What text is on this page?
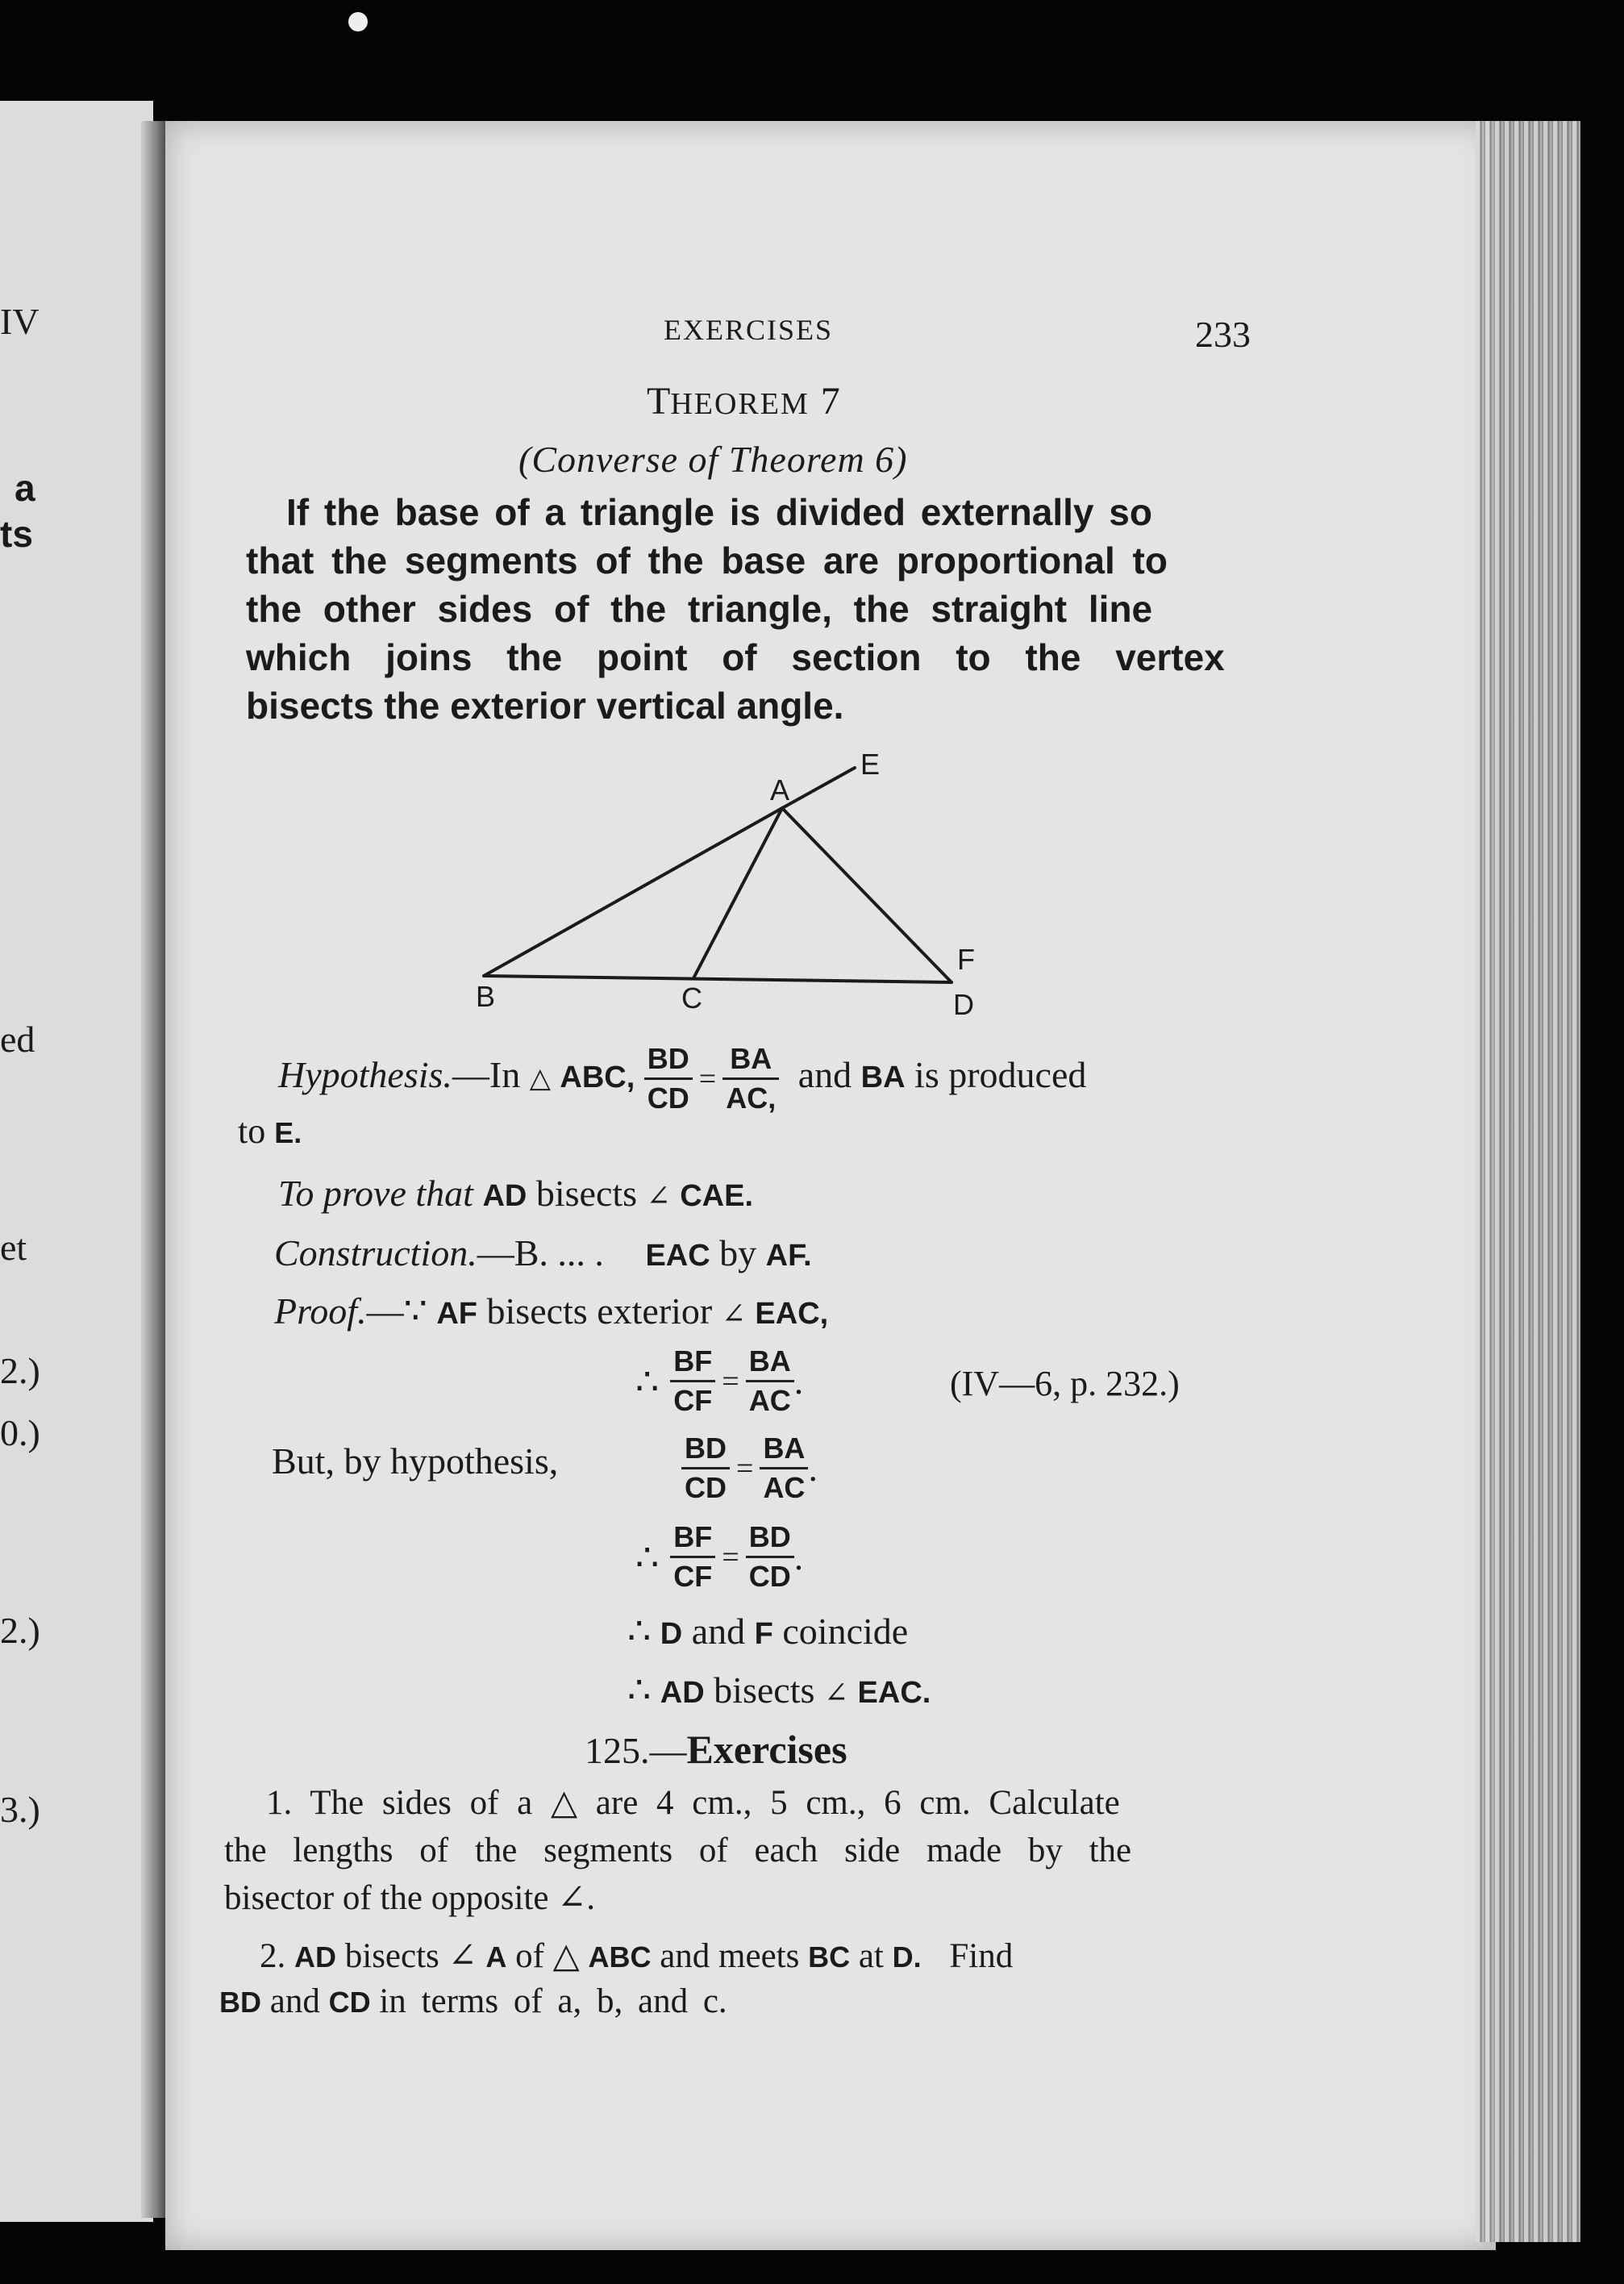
IV
a
ts
ed
et
2.)
0.)
2.)
3.)
EXERCISES	233
THEOREM 7
(Converse of Theorem 6)
If the base of a triangle is divided externally so
that the segments of the base are proportional to
the other sides of the triangle, the straight line
which joins the point of section to the vertex
bisects the exterior vertical angle.
A
E
F
B	C	D
Hypothesis.—In △ ABC, $\frac{BD}{CD} = \frac{BA}{AC,}$ and BA is produced
to E.
To prove that AD bisects ∠ CAE.
Construction.—B. ... . EAC by AF.
Proof.—∵ AF bisects exterior ∠ EAC,
∴ $\frac{BF}{CF} = \frac{BA}{AC}$ .	(IV—6, p. 232.)
But, by hypothesis,	$\frac{BD}{CD} = \frac{BA}{AC}$ .
∴ $\frac{BF}{CF} = \frac{BD}{CD}$ .
∴ D and F coincide
∴ AD bisects ∠ EAC.
125.—Exercises
1. The sides of a △ are 4 cm., 5 cm., 6 cm. Calculate
the lengths of the segments of each side made by the
bisector of the opposite ∠.
2. AD bisects ∠ A of △ ABC and meets BC at D. Find
BD and CD in terms of a, b, and c.
